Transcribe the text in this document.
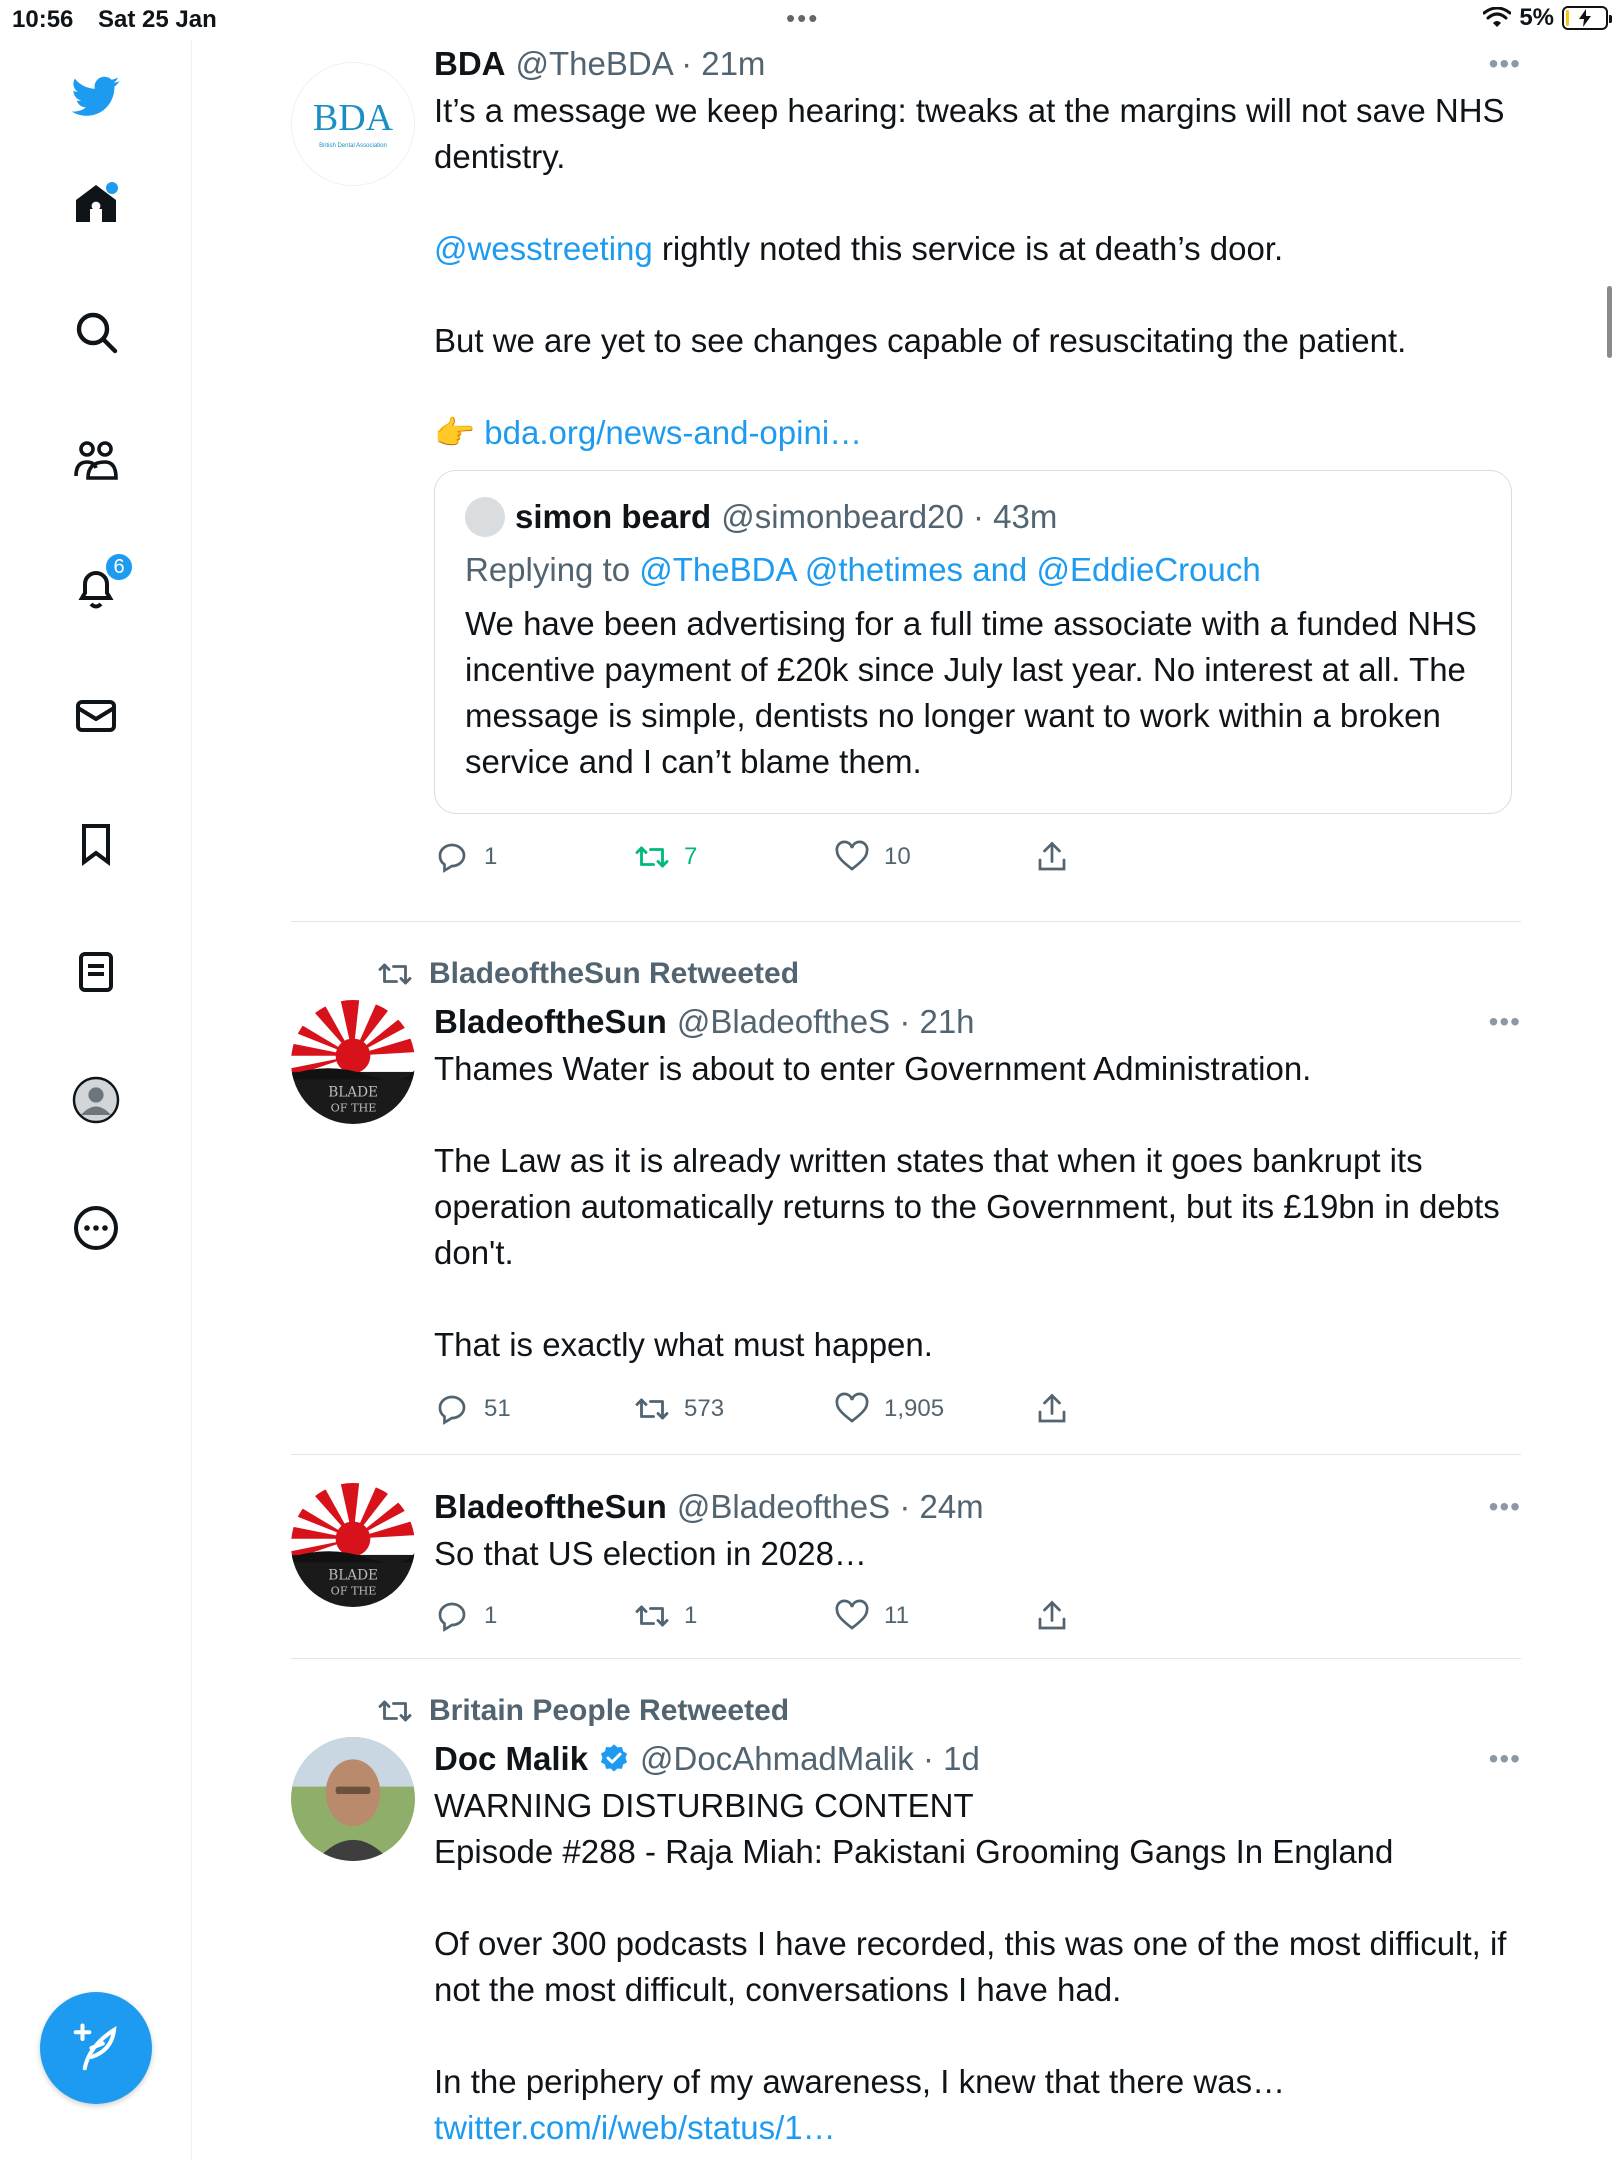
10:56 Sat 25 Jan	•••	5%
6
BDA
British Dental Association
BDA @TheBDA · 21m	•••
It’s a message we keep hearing: tweaks at the margins will not save NHS dentistry.

@wesstreeting rightly noted this service is at death’s door.

But we are yet to see changes capable of resuscitating the patient.

👉 bda.org/news-and-opini…
simon beard @simonbeard20 · 43m
Replying to @TheBDA @thetimes and @EddieCrouch
We have been advertising for a full time associate with a funded NHS incentive payment of £20k since July last year. No interest at all. The message is simple, dentists no longer want to work within a broken service and I can’t blame them.
1	7	10
BLADE
OF THE
BladeoftheSun Retweeted
BladeoftheSun @BladeoftheS · 21h	•••
Thames Water is about to enter Government Administration.

The Law as it is already written states that when it goes bankrupt its operation automatically returns to the Government, but its £19bn in debts don't.

That is exactly what must happen.
51	573	1,905
BLADE
OF THE
BladeoftheSun @BladeoftheS · 24m	•••
So that US election in 2028…
1	1	11
Britain People Retweeted
Doc Malik @DocAhmadMalik · 1d	•••
WARNING DISTURBING CONTENT
Episode #288 - Raja Miah: Pakistani Grooming Gangs In England

Of over 300 podcasts I have recorded, this was one of the most difficult, if not the most difficult, conversations I have had.

In the periphery of my awareness, I knew that there was… twitter.com/i/web/status/1…
